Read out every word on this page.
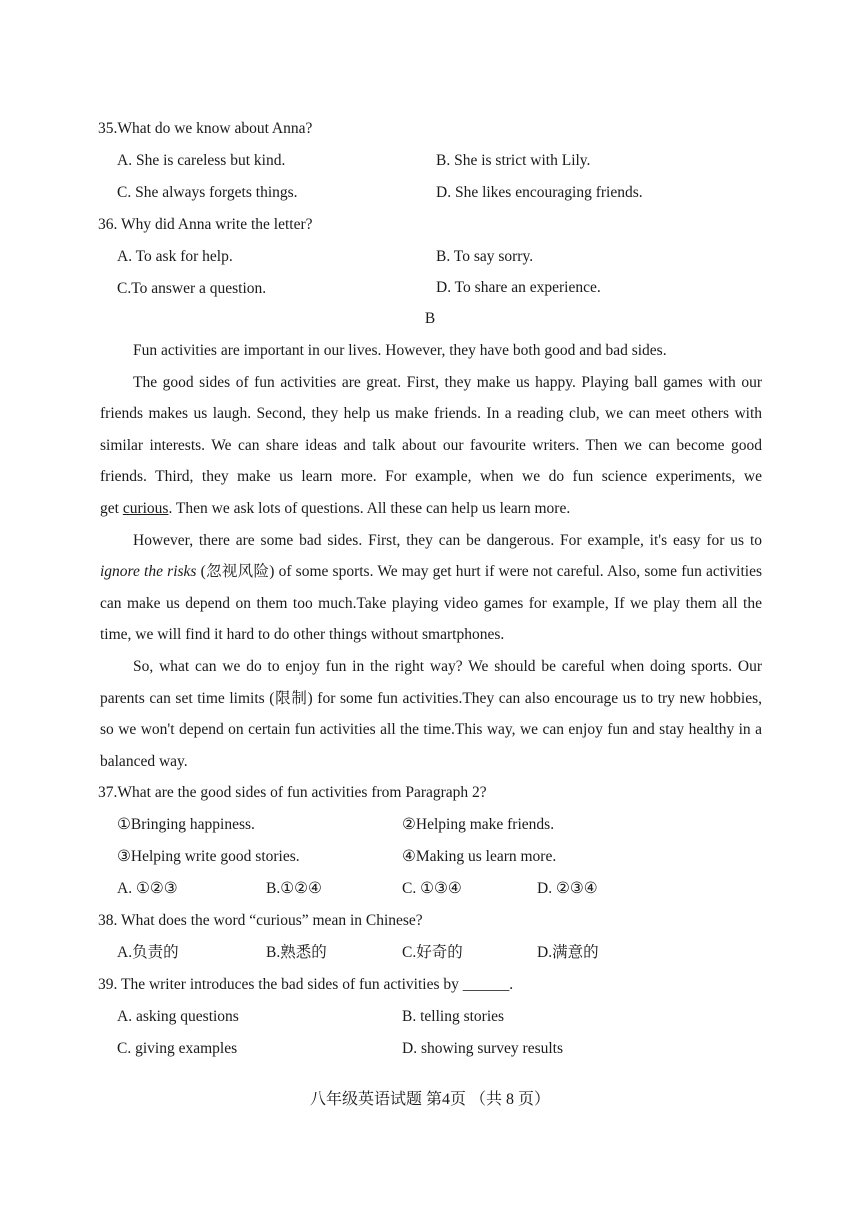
35.What do we know about Anna?
A. She is careless but kind.	B. She is strict with Lily.
C. She always forgets things.	D. She likes encouraging friends.
36. Why did Anna write the letter?
A. To ask for help.	B. To say sorry.
C.To answer a question.	D. To share an experience.
B

Fun activities are important in our lives. However, they have both good and bad sides.

The good sides of fun activities are great. First, they make us happy. Playing ball games with our friends makes us laugh. Second, they help us make friends. In a reading club, we can meet others with similar interests. We can share ideas and talk about our favourite writers. Then we can become good friends. Third, they make us learn more. For example, when we do fun science experiments, we get curious. Then we ask lots of questions. All these can help us learn more.

However, there are some bad sides. First, they can be dangerous. For example, it's easy for us to ignore the risks (忽视风险) of some sports. We may get hurt if were not careful. Also, some fun activities can make us depend on them too much.Take playing video games for example, If we play them all the time, we will find it hard to do other things without smartphones.

So, what can we do to enjoy fun in the right way? We should be careful when doing sports. Our parents can set time limits (限制) for some fun activities.They can also encourage us to try new hobbies, so we won't depend on certain fun activities all the time.This way, we can enjoy fun and stay healthy in a balanced way.

37.What are the good sides of fun activities from Paragraph 2?
①Bringing happiness.	②Helping make friends.
③Helping write good stories.	④Making us learn more.
A. ①②③	B.①②④	C. ①③④	D. ②③④
38. What does the word “curious” mean in Chinese?
A.负责的	B.熟悉的	C.好奇的	D.满意的
39. The writer introduces the bad sides of fun activities by ______.
A. asking questions	B. telling stories
C. giving examples	D. showing survey results
八年级英语试题 第4页 （共 8 页）
